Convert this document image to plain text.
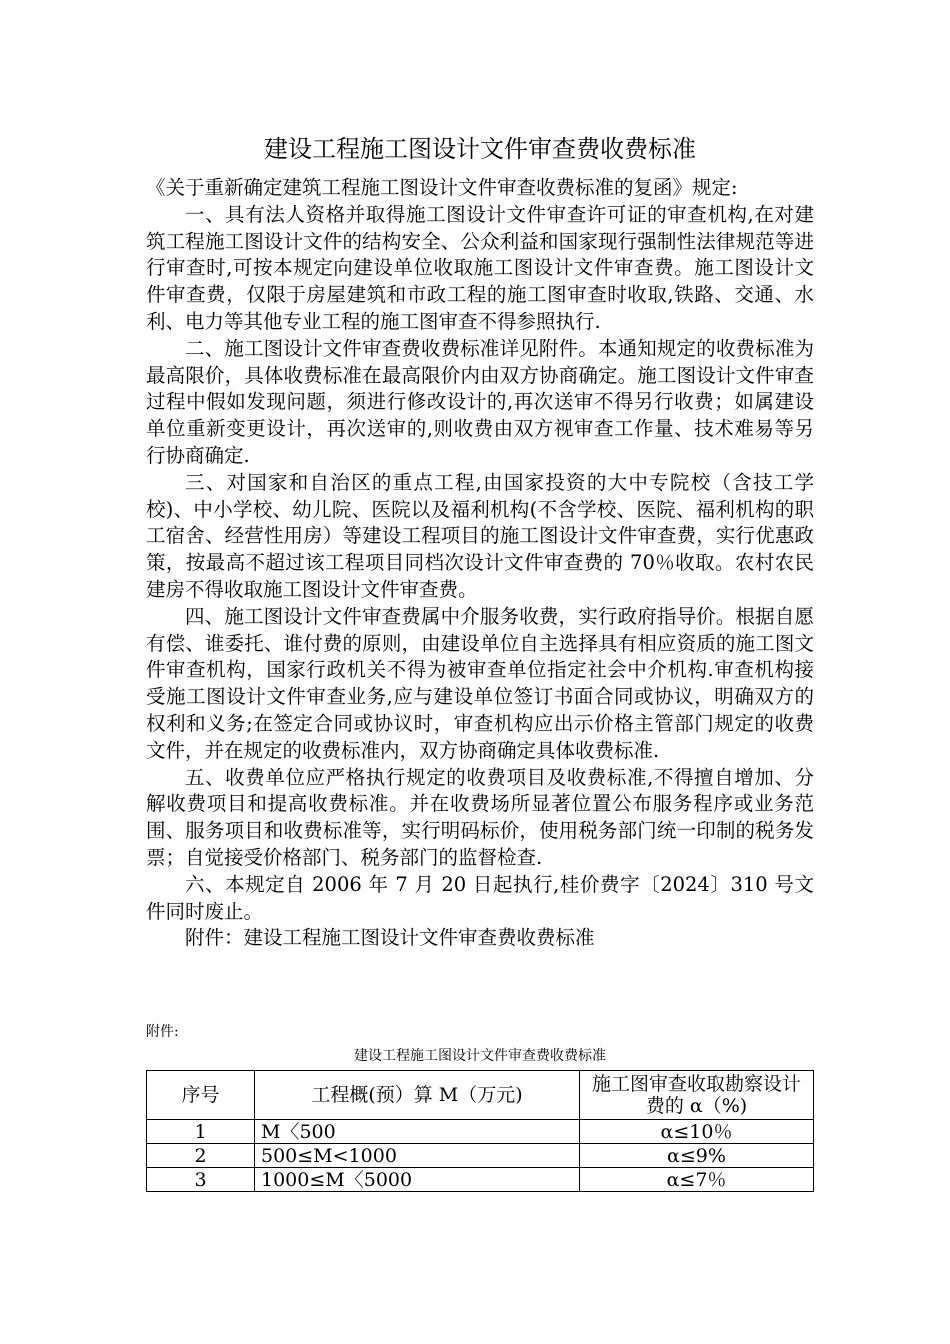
建设工程施工图设计文件审查费收费标准

《关于重新确定建筑工程施工图设计文件审查收费标准的复函》规定:

一、具有法人资格并取得施工图设计文件审查许可证的审查机构,在对建筑工程施工图设计文件的结构安全、公众利益和国家现行强制性法律规范等进行审查时,可按本规定向建设单位收取施工图设计文件审查费。施工图设计文件审查费，仅限于房屋建筑和市政工程的施工图审查时收取,铁路、交通、水利、电力等其他专业工程的施工图审查不得参照执行.

二、施工图设计文件审查费收费标准详见附件。本通知规定的收费标准为最高限价，具体收费标准在最高限价内由双方协商确定。施工图设计文件审查过程中假如发现问题，须进行修改设计的,再次送审不得另行收费；如属建设单位重新变更设计，再次送审的,则收费由双方视审查工作量、技术难易等另行协商确定.

三、对国家和自治区的重点工程,由国家投资的大中专院校（含技工学校)、中小学校、幼儿院、医院以及福利机构(不含学校、医院、福利机构的职工宿舍、经营性用房）等建设工程项目的施工图设计文件审查费，实行优惠政策，按最高不超过该工程项目同档次设计文件审查费的 70％收取。农村农民建房不得收取施工图设计文件审查费。

四、施工图设计文件审查费属中介服务收费，实行政府指导价。根据自愿有偿、谁委托、谁付费的原则，由建设单位自主选择具有相应资质的施工图文件审查机构，国家行政机关不得为被审查单位指定社会中介机构.审查机构接受施工图设计文件审查业务,应与建设单位签订书面合同或协议，明确双方的权利和义务;在签定合同或协议时，审查机构应出示价格主管部门规定的收费文件，并在规定的收费标准内，双方协商确定具体收费标准.

五、收费单位应严格执行规定的收费项目及收费标准,不得擅自增加、分解收费项目和提高收费标准。并在收费场所显著位置公布服务程序或业务范围、服务项目和收费标准等，实行明码标价，使用税务部门统一印制的税务发票；自觉接受价格部门、税务部门的监督检查.

六、本规定自 2006 年 7 月 20 日起执行,桂价费字〔2024〕310 号文件同时废止。

附件：建设工程施工图设计文件审查费收费标准

附件:
建设工程施工图设计文件审查费收费标准
序号	工程概(预）算 M（万元)	施工图审查收取勘察设计费的 α（%)
1	M〈500	α≤10％
2	500≤M<1000	α≤9%
3	1000≤M〈5000	α≤7％
